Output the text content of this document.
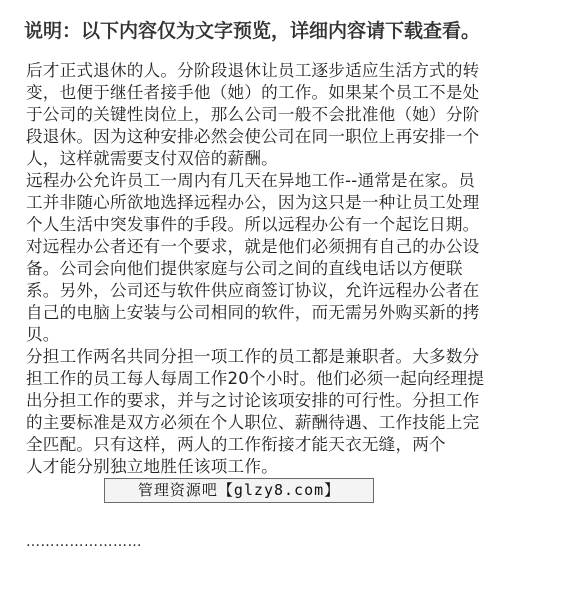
说明：以下内容仅为文字预览，详细内容请下载查看。
后才正式退休的人。分阶段退休让员工逐步适应生活方式的转
变，也便于继任者接手他（她）的工作。如果某个员工不是处
于公司的关键性岗位上，那么公司一般不会批准他（她）分阶
段退休。因为这种安排必然会使公司在同一职位上再安排一个
人，这样就需要支付双倍的薪酬。
远程办公允许员工一周内有几天在异地工作--通常是在家。员
工并非随心所欲地选择远程办公，因为这只是一种让员工处理
个人生活中突发事件的手段。所以远程办公有一个起讫日期。
对远程办公者还有一个要求，就是他们必须拥有自己的办公设
备。公司会向他们提供家庭与公司之间的直线电话以方便联
系。另外，公司还与软件供应商签订协议，允许远程办公者在
自己的电脑上安装与公司相同的软件，而无需另外购买新的拷
贝。
分担工作两名共同分担一项工作的员工都是兼职者。大多数分
担工作的员工每人每周工作20个小时。他们必须一起向经理提
出分担工作的要求，并与之讨论该项安排的可行性。分担工作
的主要标准是双方必须在个人职位、薪酬待遇、工作技能上完
全匹配。只有这样，两人的工作衔接才能天衣无缝，两个
人才能分别独立地胜任该项工作。
管理资源吧【glzy8.com】
……………………
